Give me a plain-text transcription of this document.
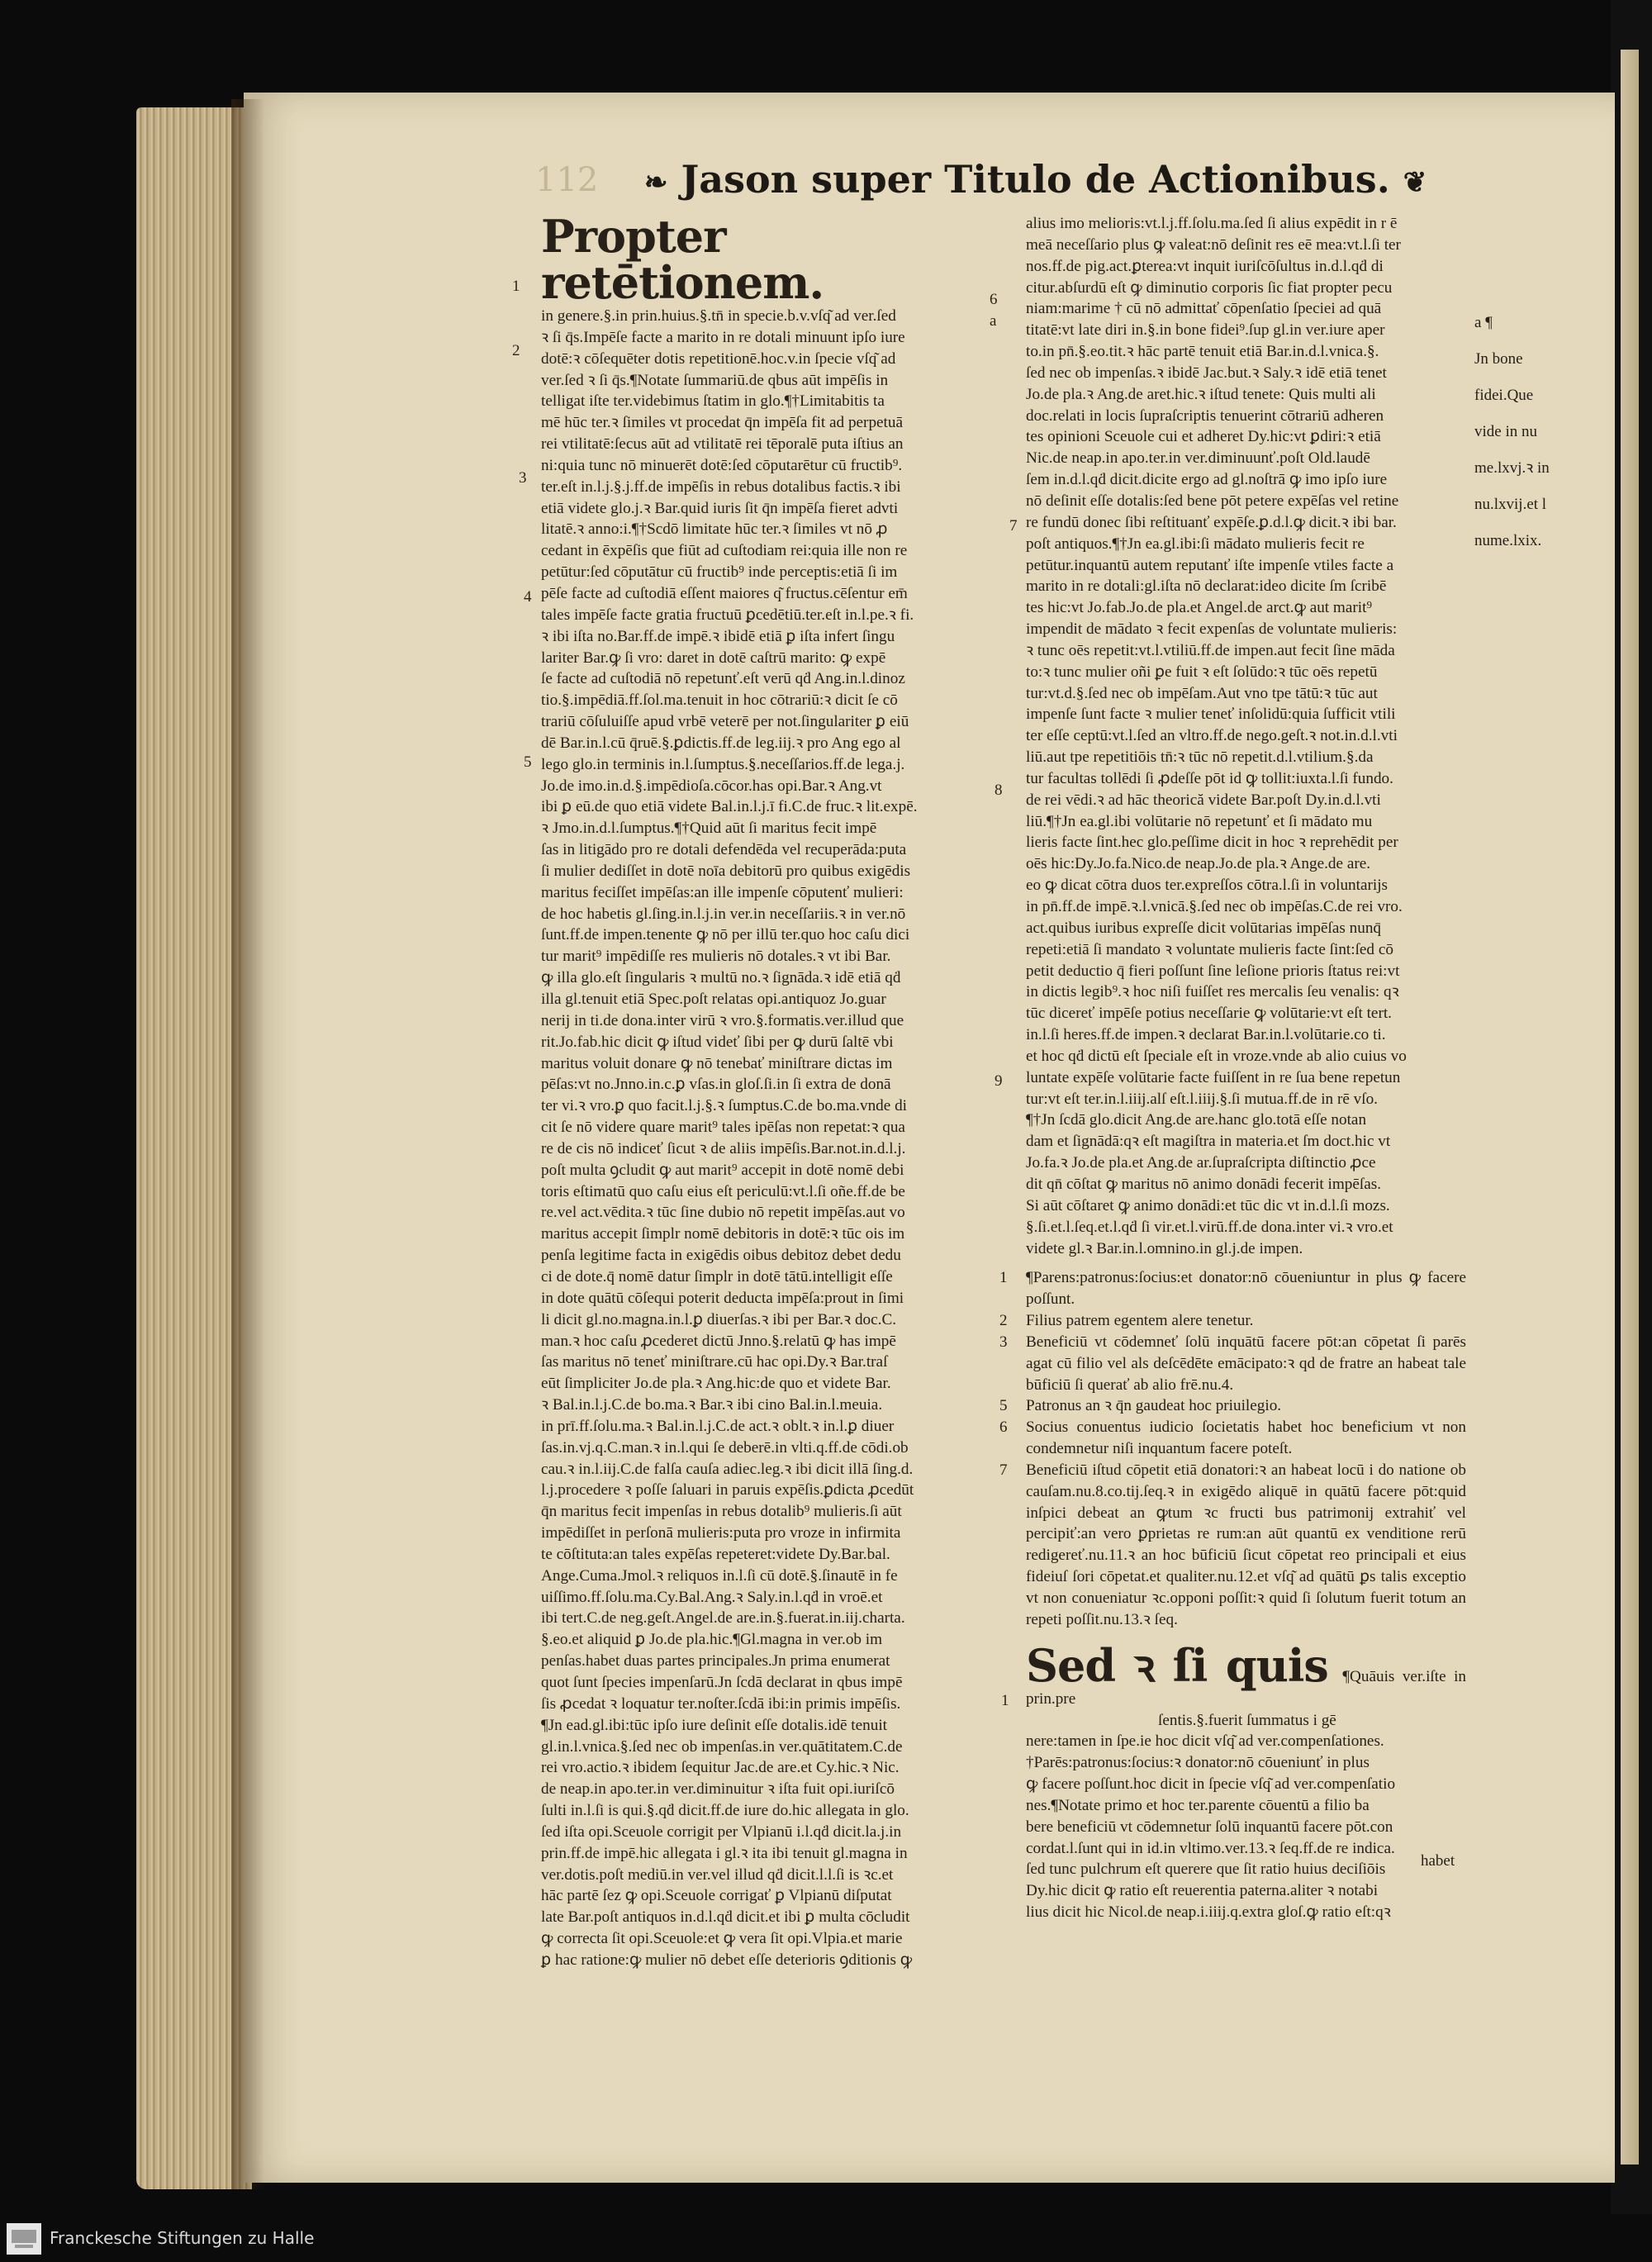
112 ❧ Jason super Titulo de Actionibus. ❦
Propter retētionem.

in genere.§.in prin.huius.§.tn̄ in specie.b.v.vſq͂ ad ver.ſed

ꝛ ſi q̄s.Impēſe facte a marito in re dotali minuunt ipſo iure

dotē:ꝛ cōſequēter dotis repetitionē.hoc.v.in ſpecie vſq͂ ad

ver.ſed ꝛ ſi q̄s.¶Notate ſummariū.de qbus aūt impēſis in

telligat iſte ter.videbimus ſtatim in glo.¶†Limitabitis ta

mē hūc ter.ꝛ ſimiles vt procedat q̄n impēſa fit ad perpetuā

rei vtilitatē:ſecus aūt ad vtilitatē rei tēporalē puta iſtius an

ni:quia tunc nō minuerēt dotē:ſed cōputarētur cū fructib⁹.

ter.eſt in.l.j.§.j.ff.de impēſis in rebus dotalibus factis.ꝛ ibi

etiā videte glo.j.ꝛ Bar.quid iuris ſit q̄n impēſa fieret advti

litatē.ꝛ anno:i.¶†Scdō limitate hūc ter.ꝛ ſimiles vt nō ꝓ

cedant in ēxpēſis que fiūt ad cuſtodiam rei:quia ille non re

petūtur:ſed cōputātur cū fructib⁹ inde perceptis:etiā ſi im

pēſe facte ad cuſtodiā eſſent maiores q͂ fructus.cēſentur em̄

tales impēſe facte gratia fructuū ꝑcedētiū.ter.eſt in.l.pe.ꝛ fi.

ꝛ ibi iſta no.Bar.ff.de impē.ꝛ ibidē etiā ꝑ iſta infert ſingu

lariter Bar.ꝙ ſi vro: daret in dotē caſtrū marito: ꝙ expē

ſe facte ad cuſtodiā nō repetunť.eſt verū qḋ Ang.in.l.dinoz

tio.§.impēdiā.ff.ſol.ma.tenuit in hoc cōtrariū:ꝛ dicit ſe cō

trariū cōſuluiſſe apud vrbē veterē per not.ſingulariter ꝑ eiū

dē Bar.in.l.cū q̄ruē.§.ꝑdictis.ff.de leg.iij.ꝛ pro Ang ego al

lego glo.in terminis in.l.ſumptus.§.neceſſarios.ff.de lega.j.

Jo.de imo.in.d.§.impēdioſa.cōcor.has opi.Bar.ꝛ Ang.vt

ibi ꝑ eū.de quo etiā videte Bal.in.l.j.ī fi.C.de fruc.ꝛ lit.expē.

ꝛ Jmo.in.d.l.ſumptus.¶†Quid aūt ſi maritus fecit impē

ſas in litigādo pro re dotali defendēda vel recuperāda:puta

ſi mulier dediſſet in dotē noīa debitorū pro quibus exigēdis

maritus feciſſet impēſas:an ille impenſe cōputenť mulieri:

de hoc habetis gl.ſing.in.l.j.in ver.in neceſſariis.ꝛ in ver.nō

ſunt.ff.de impen.tenente ꝙ nō per illū ter.quo hoc caſu dici

tur marit⁹ impēdiſſe res mulieris nō dotales.ꝛ vt ibi Bar.

ꝙ illa glo.eſt ſingularis ꝛ multū no.ꝛ ſignāda.ꝛ idē etiā qḋ

illa gl.tenuit etiā Spec.poſt relatas opi.antiquoz Jo.guar

nerij in ti.de dona.inter virū ꝛ vro.§.formatis.ver.illud que

rit.Jo.fab.hic dicit ꝙ iſtud videť ſibi per ꝙ durū ſaltē vbi

maritus voluit donare ꝙ nō tenebať miniſtrare dictas im

pēſas:vt no.Jnno.in.c.ꝑ vſas.in gloſ.ſi.in ſi extra de donā

ter vi.ꝛ vro.ꝑ quo facit.l.j.§.ꝛ ſumptus.C.de bo.ma.vnde di

cit ſe nō videre quare marit⁹ tales ipēſas non repetat:ꝛ qua

re de cis nō indiceť ſicut ꝛ de aliis impēſis.Bar.not.in.d.l.j.

poſt multa ꝯcludit ꝙ aut marit⁹ accepit in dotē nomē debi

toris eſtimatū quo caſu eius eſt periculū:vt.l.ſi oñe.ff.de be

re.vel act.vēdita.ꝛ tūc ſine dubio nō repetit impēſas.aut vo

maritus accepit ſimplr nomē debitoris in dotē:ꝛ tūc ois im

penſa legitime facta in exigēdis oibus debitoz debet dedu

ci de dote.q̄ nomē datur ſimplr in dotē tātū.intelligit eſſe

in dote quātū cōſequi poterit deducta impēſa:prout in ſimi

li dicit gl.no.magna.in.l.ꝑ diuerſas.ꝛ ibi per Bar.ꝛ doc.C.

man.ꝛ hoc caſu ꝓcederet dictū Jnno.§.relatū ꝙ has impē

ſas maritus nō teneť miniſtrare.cū hac opi.Dy.ꝛ Bar.traſ

eūt ſimpliciter Jo.de pla.ꝛ Ang.hic:de quo et videte Bar.

ꝛ Bal.in.l.j.C.de bo.ma.ꝛ Bar.ꝛ ibi cino Bal.in.l.meuia.

in prī.ff.ſolu.ma.ꝛ Bal.in.l.j.C.de act.ꝛ oblt.ꝛ in.l.ꝑ diuer

ſas.in.vj.q.C.man.ꝛ in.l.qui ſe deberē.in vlti.q.ff.de cōdi.ob

cau.ꝛ in.l.iij.C.de falſa cauſa adiec.leg.ꝛ ibi dicit illā ſing.d.

l.j.procedere ꝛ poſſe ſaluari in paruis expēſis.ꝑdicta ꝓcedūt

q̄n maritus fecit impenſas in rebus dotalib⁹ mulieris.ſi aūt

impēdiſſet in perſonā mulieris:puta pro vroze in infirmita

te cōſtituta:an tales expēſas repeteret:videte Dy.Bar.bal.

Ange.Cuma.Jmol.ꝛ reliquos in.l.ſi cū dotē.§.ſinautē in fe

uiſſimo.ff.ſolu.ma.Cy.Bal.Ang.ꝛ Saly.in.l.qḋ in vroē.et

ibi tert.C.de neg.geſt.Angel.de are.in.§.fuerat.in.iij.charta.

§.eo.et aliquid ꝑ Jo.de pla.hic.¶Gl.magna in ver.ob im

penſas.habet duas partes principales.Jn prima enumerat

quot ſunt ſpecies impenſarū.Jn ſcdā declarat in qbus impē

ſis ꝓcedat ꝛ loquatur ter.noſter.ſcdā ibi:in primis impēſis.

¶Jn ead.gl.ibi:tūc ipſo iure deſinit eſſe dotalis.idē tenuit

gl.in.l.vnica.§.ſed nec ob impenſas.in ver.quātitatem.C.de

rei vro.actio.ꝛ ibidem ſequitur Jac.de are.et Cy.hic.ꝛ Nic.

de neap.in apo.ter.in ver.diminuitur ꝛ iſta fuit opi.iuriſcō

ſulti in.l.ſi is qui.§.qḋ dicit.ff.de iure do.hic allegata in glo.

ſed iſta opi.Sceuole corrigit per Vlpianū i.l.qḋ dicit.la.j.in

prin.ff.de impē.hic allegata i gl.ꝛ ita ibi tenuit gl.magna in

ver.dotis.poſt mediū.in ver.vel illud qḋ dicit.l.l.ſi is ꝛc.et

hāc partē ſez ꝙ opi.Sceuole corrigať ꝑ Vlpianū diſputat

late Bar.poſt antiquos in.d.l.qḋ dicit.et ibi ꝑ multa cōcludit

ꝙ correcta ſit opi.Sceuole:et ꝙ vera ſit opi.Vlpia.et marie

ꝑ hac ratione:ꝙ mulier nō debet eſſe deterioris ꝯditionis ꝙ

1
2
3
4
5

alius imo melioris:vt.l.j.ff.ſolu.ma.ſed ſi alius expēdit in r ē

meā neceſſario plus ꝙ valeat:nō deſinit res eē mea:vt.l.ſi ter

nos.ff.de pig.act.ꝑterea:vt inquit iuriſcōſultus in.d.l.qḋ di

citur.abſurdū eſt ꝙ diminutio corporis ſic fiat propter pecu

niam:marime † cū nō admittať cōpenſatio ſpeciei ad quā

titatē:vt late diri in.§.in bone fidei⁹.ſup gl.in ver.iure aper

to.in pn̄.§.eo.tit.ꝛ hāc partē tenuit etiā Bar.in.d.l.vnica.§.

ſed nec ob impenſas.ꝛ ibidē Jac.but.ꝛ Saly.ꝛ idē etiā tenet

Jo.de pla.ꝛ Ang.de aret.hic.ꝛ iſtud tenete: Quis multi ali

doc.relati in locis ſupraſcriptis tenuerint cōtrariū adheren

tes opinioni Sceuole cui et adheret Dy.hic:vt ꝑdiri:ꝛ etiā

Nic.de neap.in apo.ter.in ver.diminuunť.poſt Old.laudē

ſem in.d.l.qḋ dicit.dicite ergo ad gl.noſtrā ꝙ imo ipſo iure

nō deſinit eſſe dotalis:ſed bene pōt petere expēſas vel retine

re fundū donec ſibi reſtituanť expēſe.ꝑ.d.l.ꝙ dicit.ꝛ ibi bar.

poſt antiquos.¶†Jn ea.gl.ibi:ſi mādato mulieris fecit re

petūtur.inquantū autem reputanť iſte impenſe vtiles facte a

marito in re dotali:gl.iſta nō declarat:ideo dicite ſm ſcribē

tes hic:vt Jo.fab.Jo.de pla.et Angel.de arct.ꝙ aut marit⁹

impendit de mādato ꝛ fecit expenſas de voluntate mulieris:

ꝛ tunc oēs repetit:vt.l.vtiliū.ff.de impen.aut fecit ſine māda

to:ꝛ tunc mulier oñi ꝑe fuit ꝛ eſt ſolūdo:ꝛ tūc oēs repetū

tur:vt.d.§.ſed nec ob impēſam.Aut vno tpe tātū:ꝛ tūc aut

impenſe ſunt facte ꝛ mulier teneť inſolidū:quia ſufficit vtili

ter eſſe ceptū:vt.l.ſed an vltro.ff.de nego.geſt.ꝛ not.in.d.l.vti

liū.aut tpe repetitiōis tn̄:ꝛ tūc nō repetit.d.l.vtilium.§.da

tur facultas tollēdi ſi ꝓdeſſe pōt id ꝙ tollit:iuxta.l.ſi fundo.

de rei vēdi.ꝛ ad hāc theorică videte Bar.poſt Dy.in.d.l.vti

liū.¶†Jn ea.gl.ibi volūtarie nō repetunť et ſi mādato mu

lieris facte ſint.hec glo.peſſime dicit in hoc ꝛ reprehēdit per

oēs hic:Dy.Jo.fa.Nico.de neap.Jo.de pla.ꝛ Ange.de are.

eo ꝙ dicat cōtra duos ter.expreſſos cōtra.l.ſi in voluntarijs

in pn̄.ff.de impē.ꝛ.l.vnicā.§.ſed nec ob impēſas.C.de rei vro.

act.quibus iuribus expreſſe dicit volūtarias impēſas nunq̄

repeti:etiā ſi mandato ꝛ voluntate mulieris facte ſint:ſed cō

petit deductio q̄ fieri poſſunt ſine leſione prioris ſtatus rei:vt

in dictis legib⁹.ꝛ hoc niſi fuiſſet res mercalis ſeu venalis: qꝛ

tūc dicereť impēſe potius neceſſarie ꝙ volūtarie:vt eſt tert.

in.l.ſi heres.ff.de impen.ꝛ declarat Bar.in.l.volūtarie.co ti.

et hoc qḋ dictū eſt ſpeciale eſt in vroze.vnde ab alio cuius vo

luntate expēſe volūtarie facte fuiſſent in re ſua bene repetun

tur:vt eſt ter.in.l.iiij.alſ eſt.l.iiij.§.ſi mutua.ff.de in rē vſo.

¶†Jn ſcdā glo.dicit Ang.de are.hanc glo.totā eſſe notan

dam et ſignādā:qꝛ eſt magiſtra in materia.et ſm doct.hic vt

Jo.fa.ꝛ Jo.de pla.et Ang.de ar.ſupraſcripta diſtinctio ꝓce

dit qn̄ cōſtat ꝙ maritus nō animo donādi fecerit impēſas.

Si aūt cōſtaret ꝙ animo donādi:et tūc dic vt in.d.l.ſi mozs.

§.ſi.et.l.ſeq.et.l.qḋ ſi vir.et.l.virū.ff.de dona.inter vi.ꝛ vro.et

videte gl.ꝛ Bar.in.l.omnino.in gl.j.de impen.

1 ¶Parens:patronus:ſocius:et donator:nō cōueniuntur in plus ꝙ facere poſſunt.
2 Filius patrem egentem alere tenetur.
3 Beneficiū vt cōdemneť ſolū inquātū facere pōt:an cōpetat ſi parēs agat cū filio vel als deſcēdēte emācipato:ꝛ qd de fratre an habeat tale būficiū ſi querať ab alio frē.nu.4.
5 Patronus an ꝛ q̄n gaudeat hoc priuilegio.
6 Socius conuentus iudicio ſocietatis habet hoc beneficium vt non condemnetur niſi inquantum facere poteſt.
7 Beneficiū iſtud cōpetit etiā donatori:ꝛ an habeat locū i do natione ob cauſam.nu.8.co.tij.ſeq.ꝛ in exigēdo aliquē in quātū facere pōt:quid inſpici debeat an ꝙtum ꝛc fructi bus patrimonij extrahiť vel percipiť:an vero ꝑprietas re rum:an aūt quantū ex venditione rerū redigereť.nu.11.ꝛ an hoc būficiū ſicut cōpetat reo principali et eius fideiuſ ſori cōpetat.et qualiter.nu.12.et vſq͂ ad quātū ꝑs talis exceptio vt non conueniatur ꝛc.opponi poſſit:ꝛ quid ſi ſolutum fuerit totum an repeti poſſit.nu.13.ꝛ ſeq.
Sed ꝛ ſi quis ¶Quāuis ver.iſte in prin.pre
ſentis.§.fuerit ſummatus i gē

nere:tamen in ſpe.ie hoc dicit vſq͂ ad ver.compenſationes.

†Parēs:patronus:ſocius:ꝛ donator:nō cōueniunť in plus

ꝙ facere poſſunt.hoc dicit in ſpecie vſq͂ ad ver.compenſatio

nes.¶Notate primo et hoc ter.parente cōuentū a filio ba

bere beneficiū vt cōdemnetur ſolū inquantū facere pōt.con

cordat.l.ſunt qui in id.in vltimo.ver.13.ꝛ ſeq.ff.de re indica.

ſed tunc pulchrum eſt querere que ſit ratio huius deciſiōis

Dy.hic dicit ꝙ ratio eſt reuerentia paterna.aliter ꝛ notabi

lius dicit hic Nicol.de neap.i.iiij.q.extra gloſ.ꝙ ratio eſt:qꝛ

6
a
7
8
9
1
a ¶

Jn bone

fidei.Que

vide in nu

me.lxvj.ꝛ in

nu.lxvij.et l

nume.lxix.

habet
Franckesche Stiftungen zu Halle
